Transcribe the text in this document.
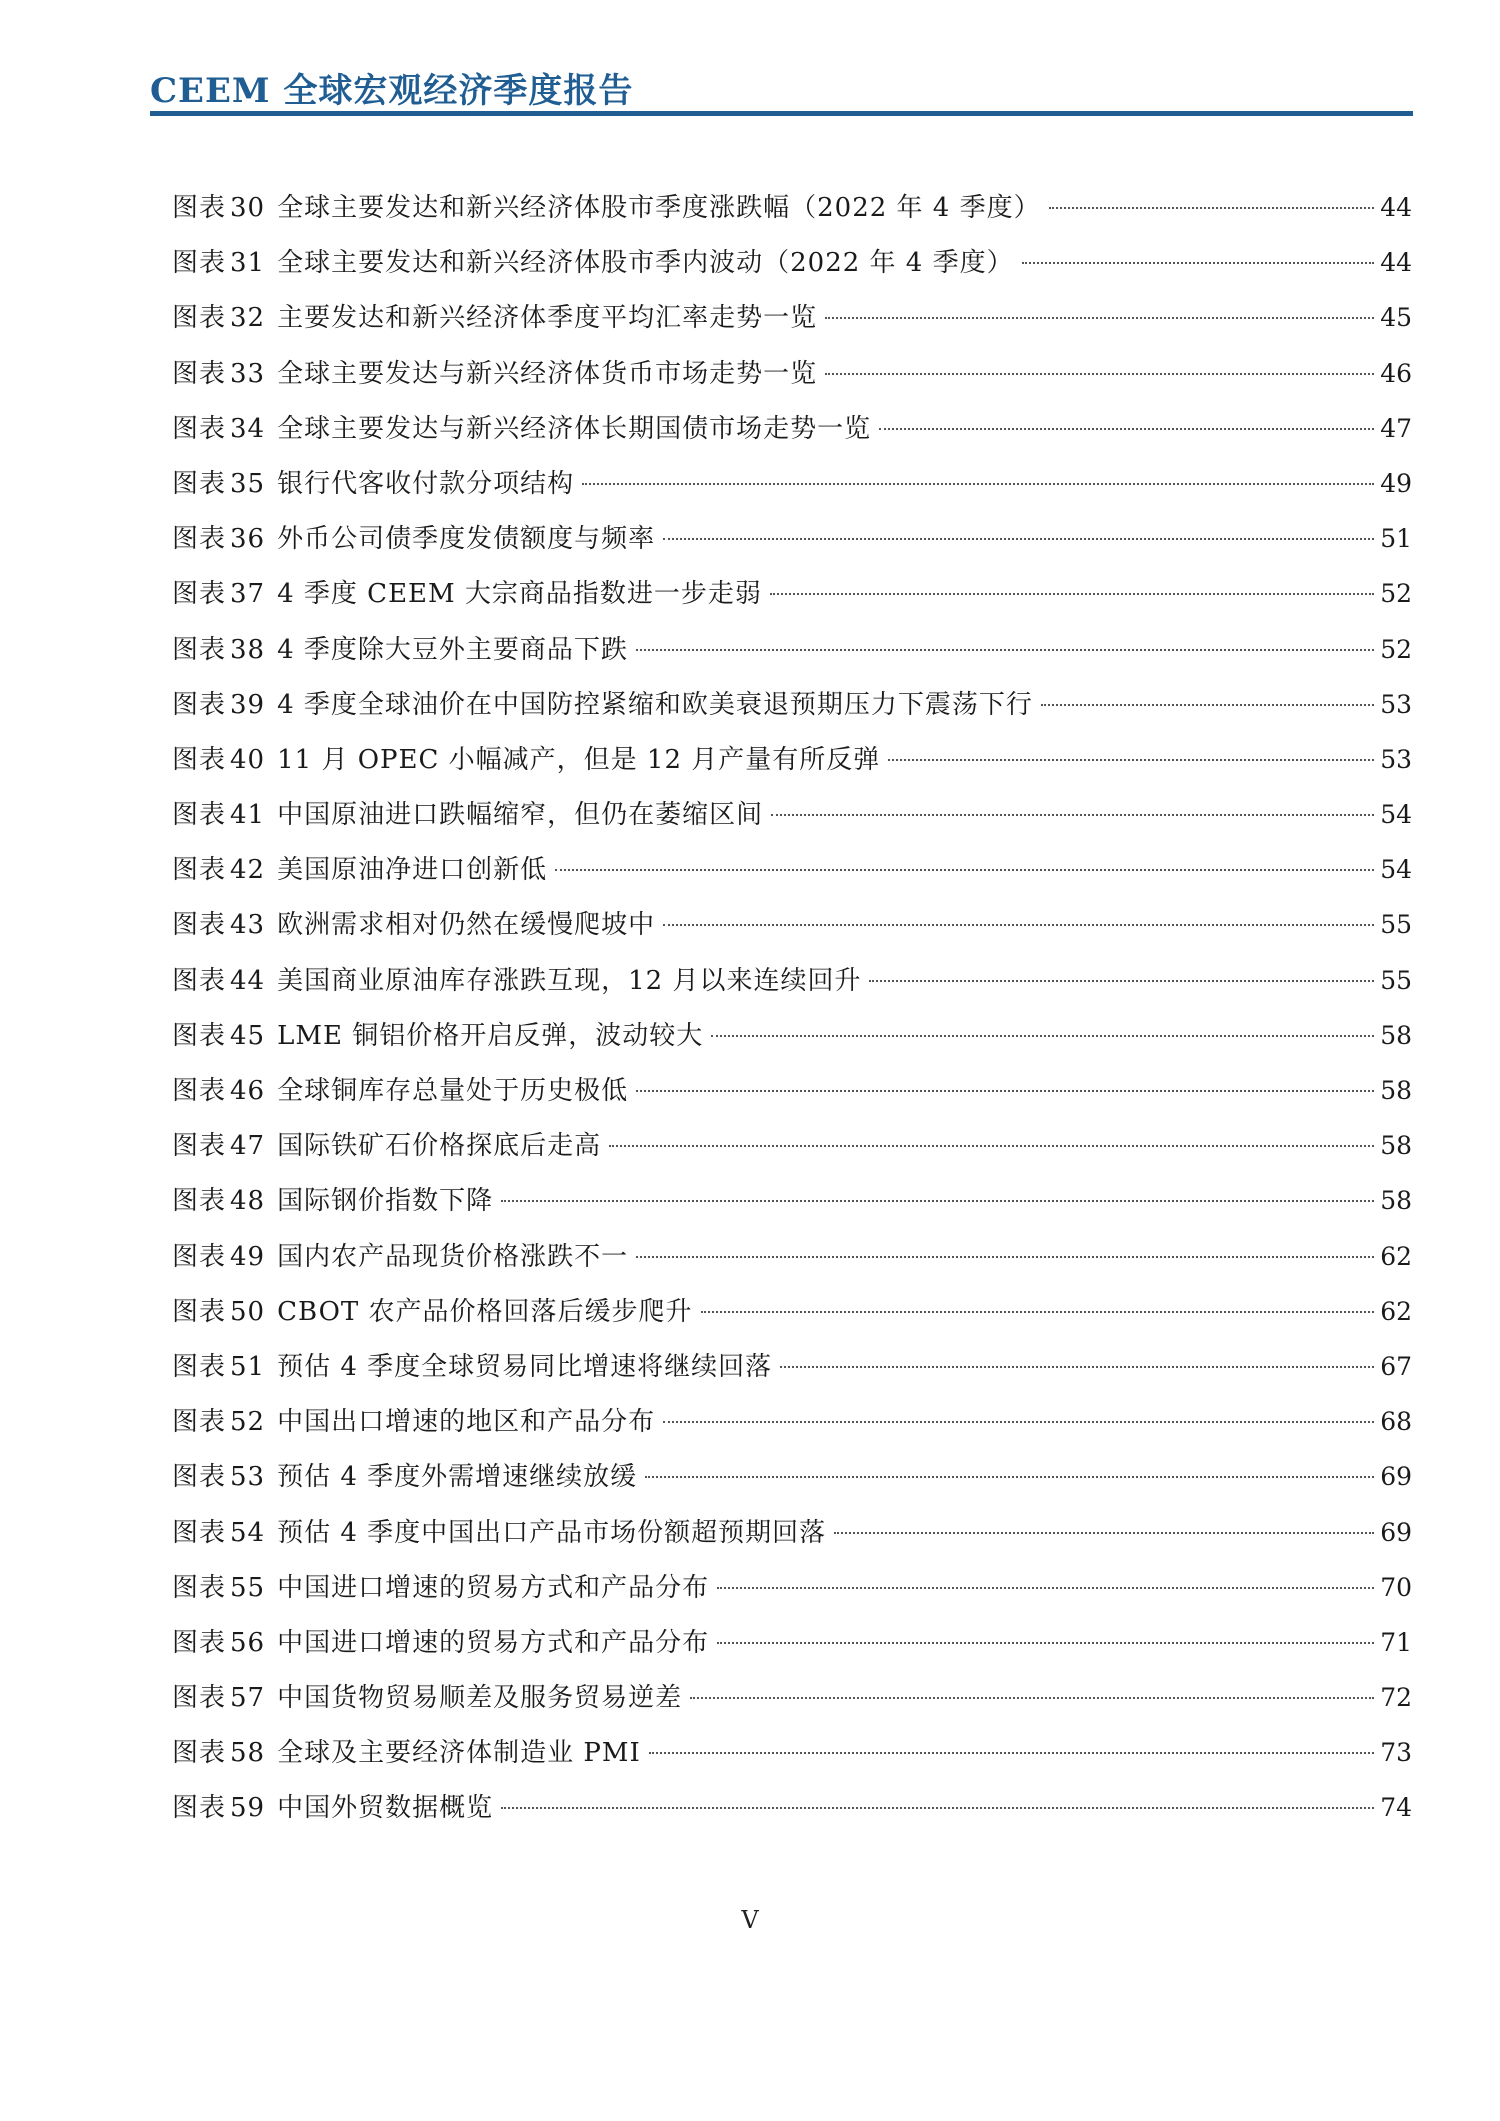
CEEM 全球宏观经济季度报告
图表 30 全球主要发达和新兴经济体股市季度涨跌幅（2022 年 4 季度）	44
图表 31 全球主要发达和新兴经济体股市季内波动（2022 年 4 季度）	44
图表 32 主要发达和新兴经济体季度平均汇率走势一览	45
图表 33 全球主要发达与新兴经济体货币市场走势一览	46
图表 34 全球主要发达与新兴经济体长期国债市场走势一览	47
图表 35 银行代客收付款分项结构	49
图表 36 外币公司债季度发债额度与频率	51
图表 37 4 季度 CEEM 大宗商品指数进一步走弱	52
图表 38 4 季度除大豆外主要商品下跌	52
图表 39 4 季度全球油价在中国防控紧缩和欧美衰退预期压力下震荡下行	53
图表 40 11 月 OPEC 小幅减产，但是 12 月产量有所反弹	53
图表 41 中国原油进口跌幅缩窄，但仍在萎缩区间	54
图表 42 美国原油净进口创新低	54
图表 43 欧洲需求相对仍然在缓慢爬坡中	55
图表 44 美国商业原油库存涨跌互现，12 月以来连续回升	55
图表 45 LME 铜铝价格开启反弹，波动较大	58
图表 46 全球铜库存总量处于历史极低	58
图表 47 国际铁矿石价格探底后走高	58
图表 48 国际钢价指数下降	58
图表 49 国内农产品现货价格涨跌不一	62
图表 50 CBOT 农产品价格回落后缓步爬升	62
图表 51 预估 4 季度全球贸易同比增速将继续回落	67
图表 52 中国出口增速的地区和产品分布	68
图表 53 预估 4 季度外需增速继续放缓	69
图表 54 预估 4 季度中国出口产品市场份额超预期回落	69
图表 55 中国进口增速的贸易方式和产品分布	70
图表 56 中国进口增速的贸易方式和产品分布	71
图表 57 中国货物贸易顺差及服务贸易逆差	72
图表 58 全球及主要经济体制造业 PMI	73
图表 59 中国外贸数据概览	74
V
